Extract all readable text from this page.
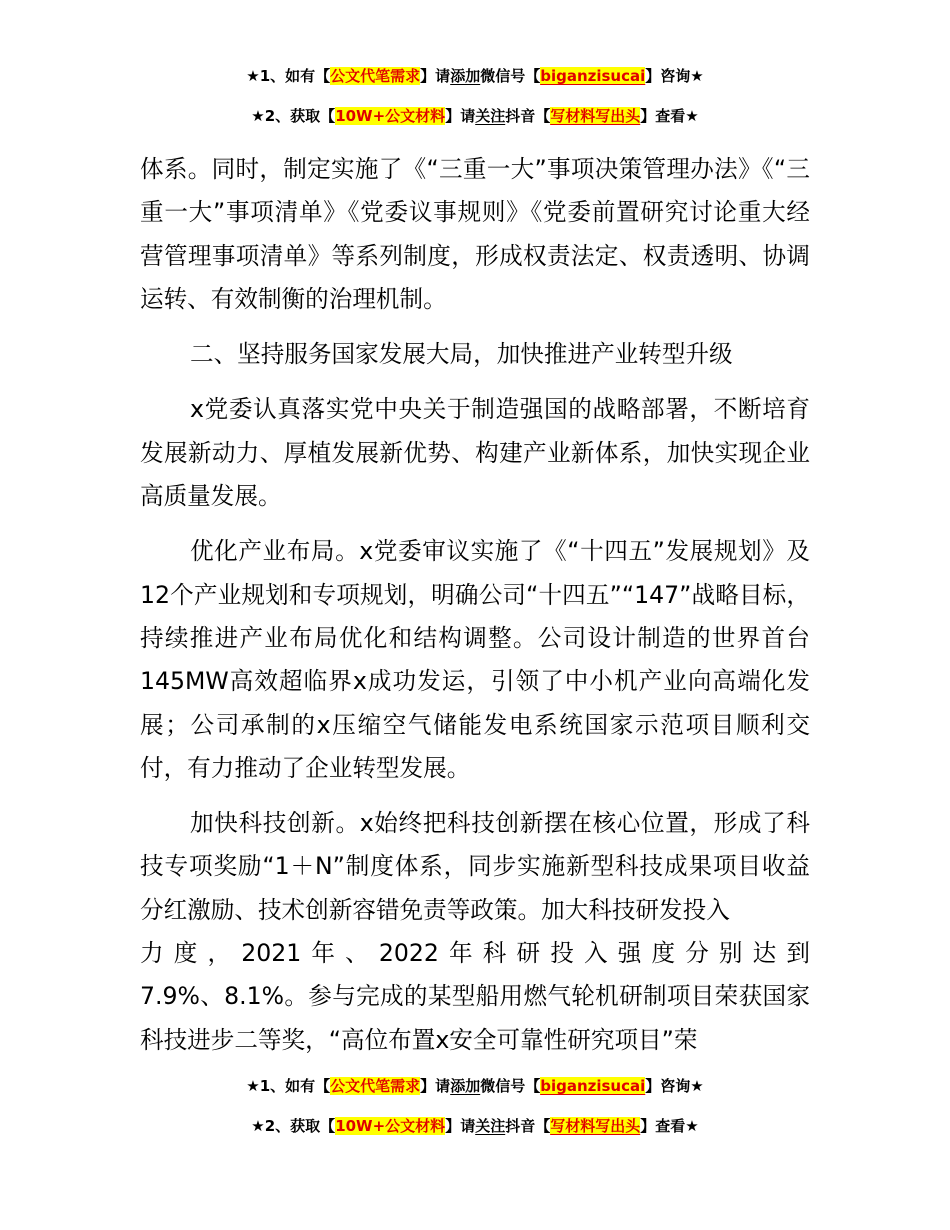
★1、如有【公文代笔需求】请添加微信号【biganzisucai】咨询★
★2、获取【10W+公文材料】请关注抖音【写材料写出头】查看★

体系。同时，制定实施了《“三重一大”事项决策管理办法》《“三重一大”事项清单》《党委议事规则》《党委前置研究讨论重大经营管理事项清单》等系列制度，形成权责法定、权责透明、协调运转、有效制衡的治理机制。

二、坚持服务国家发展大局，加快推进产业转型升级

x党委认真落实党中央关于制造强国的战略部署，不断培育发展新动力、厚植发展新优势、构建产业新体系，加快实现企业高质量发展。

优化产业布局。x党委审议实施了《“十四五”发展规划》及12个产业规划和专项规划，明确公司“十四五”“147”战略目标，持续推进产业布局优化和结构调整。公司设计制造的世界首台145MW高效超临界x成功发运，引领了中小机产业向高端化发展；公司承制的x压缩空气储能发电系统国家示范项目顺利交付，有力推动了企业转型发展。

加快科技创新。x始终把科技创新摆在核心位置，形成了科技专项奖励“1＋N”制度体系，同步实施新型科技成果项目收益分红激励、技术创新容错免责等政策。加大科技研发投入

力度，2021年、2022年科研投入强度分别达到

7.9%、8.1%。参与完成的某型船用燃气轮机研制项目荣获国家科技进步二等奖，“高位布置x安全可靠性研究项目”荣

★1、如有【公文代笔需求】请添加微信号【biganzisucai】咨询★
★2、获取【10W+公文材料】请关注抖音【写材料写出头】查看★
